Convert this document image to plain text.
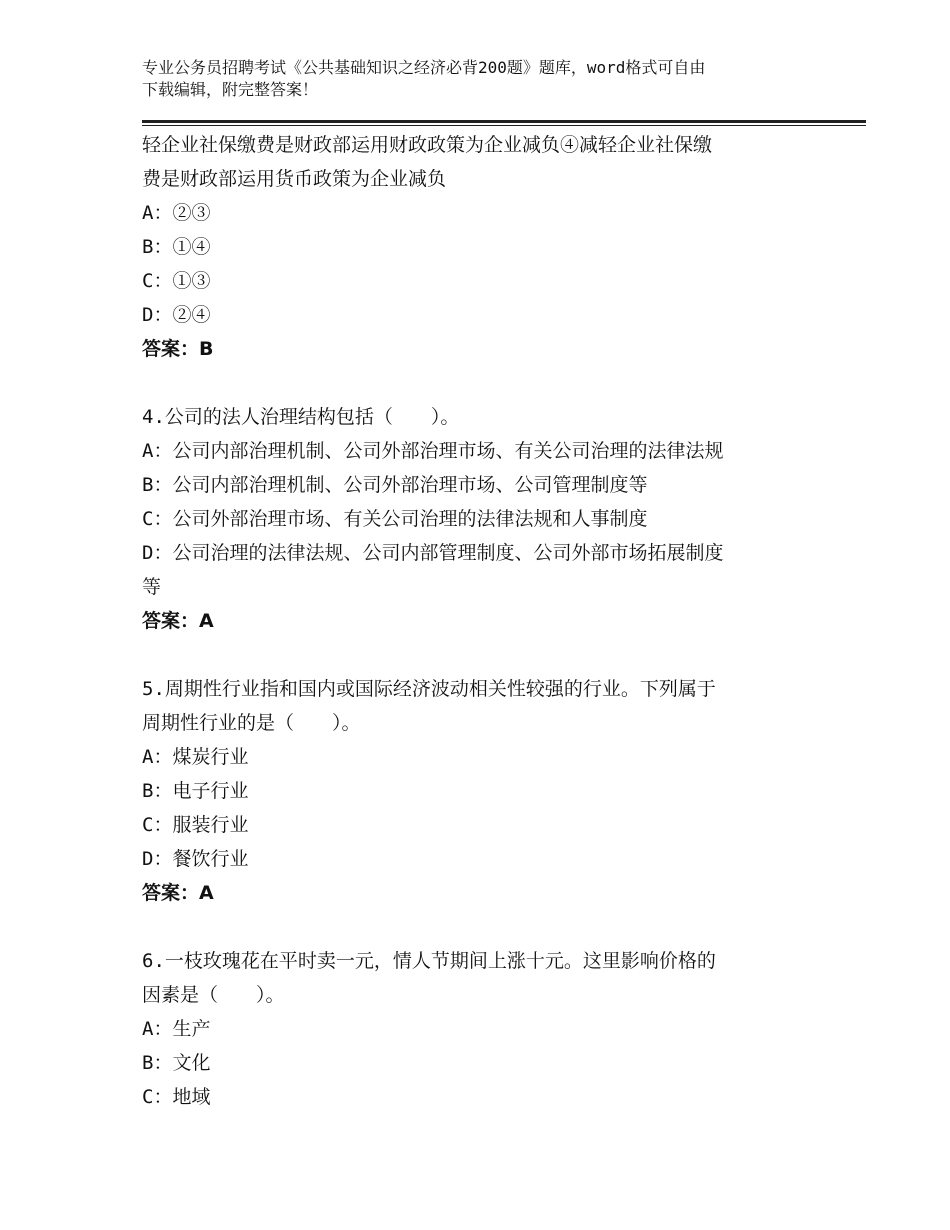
专业公务员招聘考试《公共基础知识之经济必背200题》题库，word格式可自由
下载编辑，附完整答案！
轻企业社保缴费是财政部运用财政政策为企业减负④减轻企业社保缴
费是财政部运用货币政策为企业减负
A：②③
B：①④
C：①③
D：②④
答案：B
4.公司的法人治理结构包括（　　）。
A：公司内部治理机制、公司外部治理市场、有关公司治理的法律法规
B：公司内部治理机制、公司外部治理市场、公司管理制度等
C：公司外部治理市场、有关公司治理的法律法规和人事制度
D：公司治理的法律法规、公司内部管理制度、公司外部市场拓展制度
等
答案：A
5.周期性行业指和国内或国际经济波动相关性较强的行业。下列属于
周期性行业的是（　　）。
A：煤炭行业
B：电子行业
C：服装行业
D：餐饮行业
答案：A
6.一枝玫瑰花在平时卖一元，情人节期间上涨十元。这里影响价格的
因素是（　　）。
A：生产
B：文化
C：地域
